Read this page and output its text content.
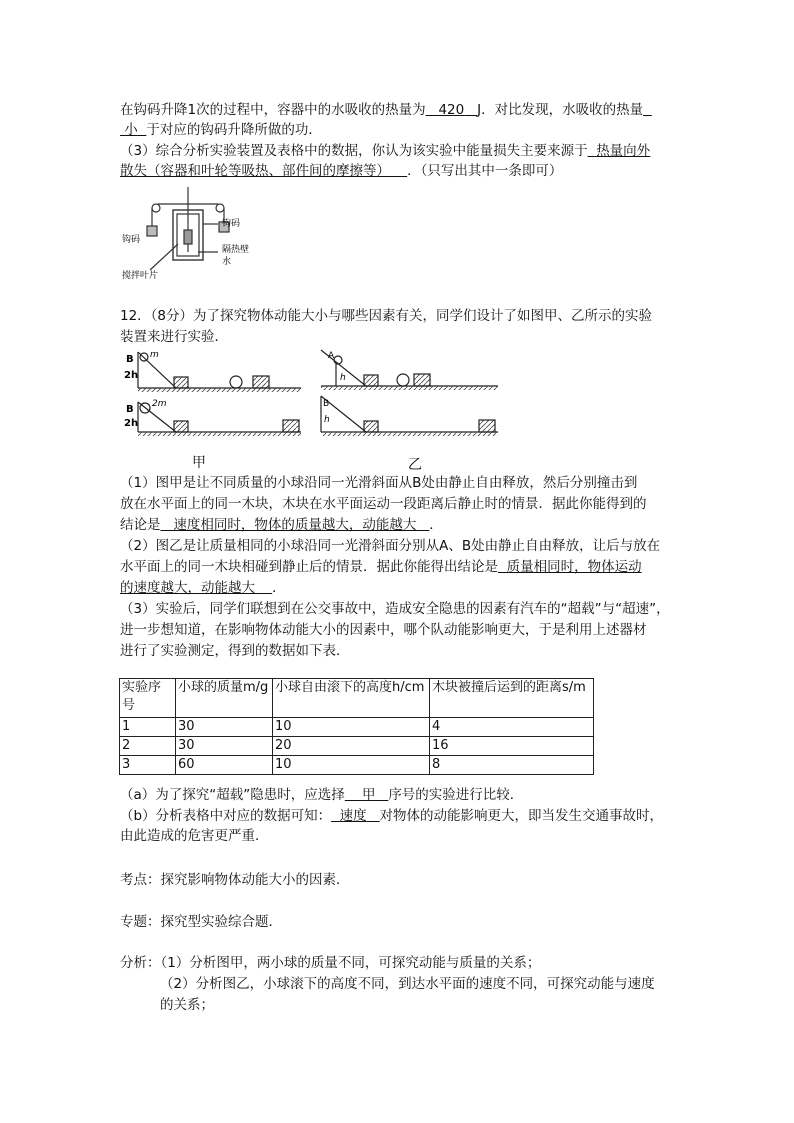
在钩码升降1次的过程中，容器中的水吸收的热量为 420 J．对比发现，水吸收的热量
小 于对应的钩码升降所做的功．
（3）综合分析实验装置及表格中的数据，你认为该实验中能量损失主要来源于 热量向外
散失（容器和叶轮等吸热、部件间的摩擦等） ．（只写出其中一条即可）
钩码
钩码
隔热壁
水
搅拌叶片
12．（8分）为了探究物体动能大小与哪些因素有关，同学们设计了如图甲、乙所示的实验
装置来进行实验．
m
2m
B
2h
B
2h
A
h
B
h
甲	乙
（1）图甲是让不同质量的小球沿同一光滑斜面从B处由静止自由释放，然后分别撞击到
放在水平面上的同一木块，木块在水平面运动一段距离后静止时的情景．据此你能得到的
结论是 速度相同时，物体的质量越大，动能越大 ．
（2）图乙是让质量相同的小球沿同一光滑斜面分别从A、B处由静止自由释放，让后与放在
水平面上的同一木块相碰到静止后的情景．据此你能得出结论是 质量相同时，物体运动
的速度越大，动能越大 ．
（3）实验后，同学们联想到在公交事故中，造成安全隐患的因素有汽车的“超载”与“超速”，
进一步想知道，在影响物体动能大小的因素中，哪个队动能影响更大，于是利用上述器材
进行了实验测定，得到的数据如下表．
实验序号	小球的质量m/g	小球自由滚下的高度h/cm	木块被撞后运到的距离s/m
1	30	10	4
2	30	20	16
3	60	10	8
（a）为了探究“超载”隐患时，应选择 甲 序号的实验进行比较．
（b）分析表格中对应的数据可知： 速度 对物体的动能影响更大，即当发生交通事故时，
由此造成的危害更严重．
考点：探究影响物体动能大小的因素．
专题：探究型实验综合题．
分析：（1）分析图甲，两小球的质量不同，可探究动能与质量的关系；
（2）分析图乙，小球滚下的高度不同，到达水平面的速度不同，可探究动能与速度
的关系；
